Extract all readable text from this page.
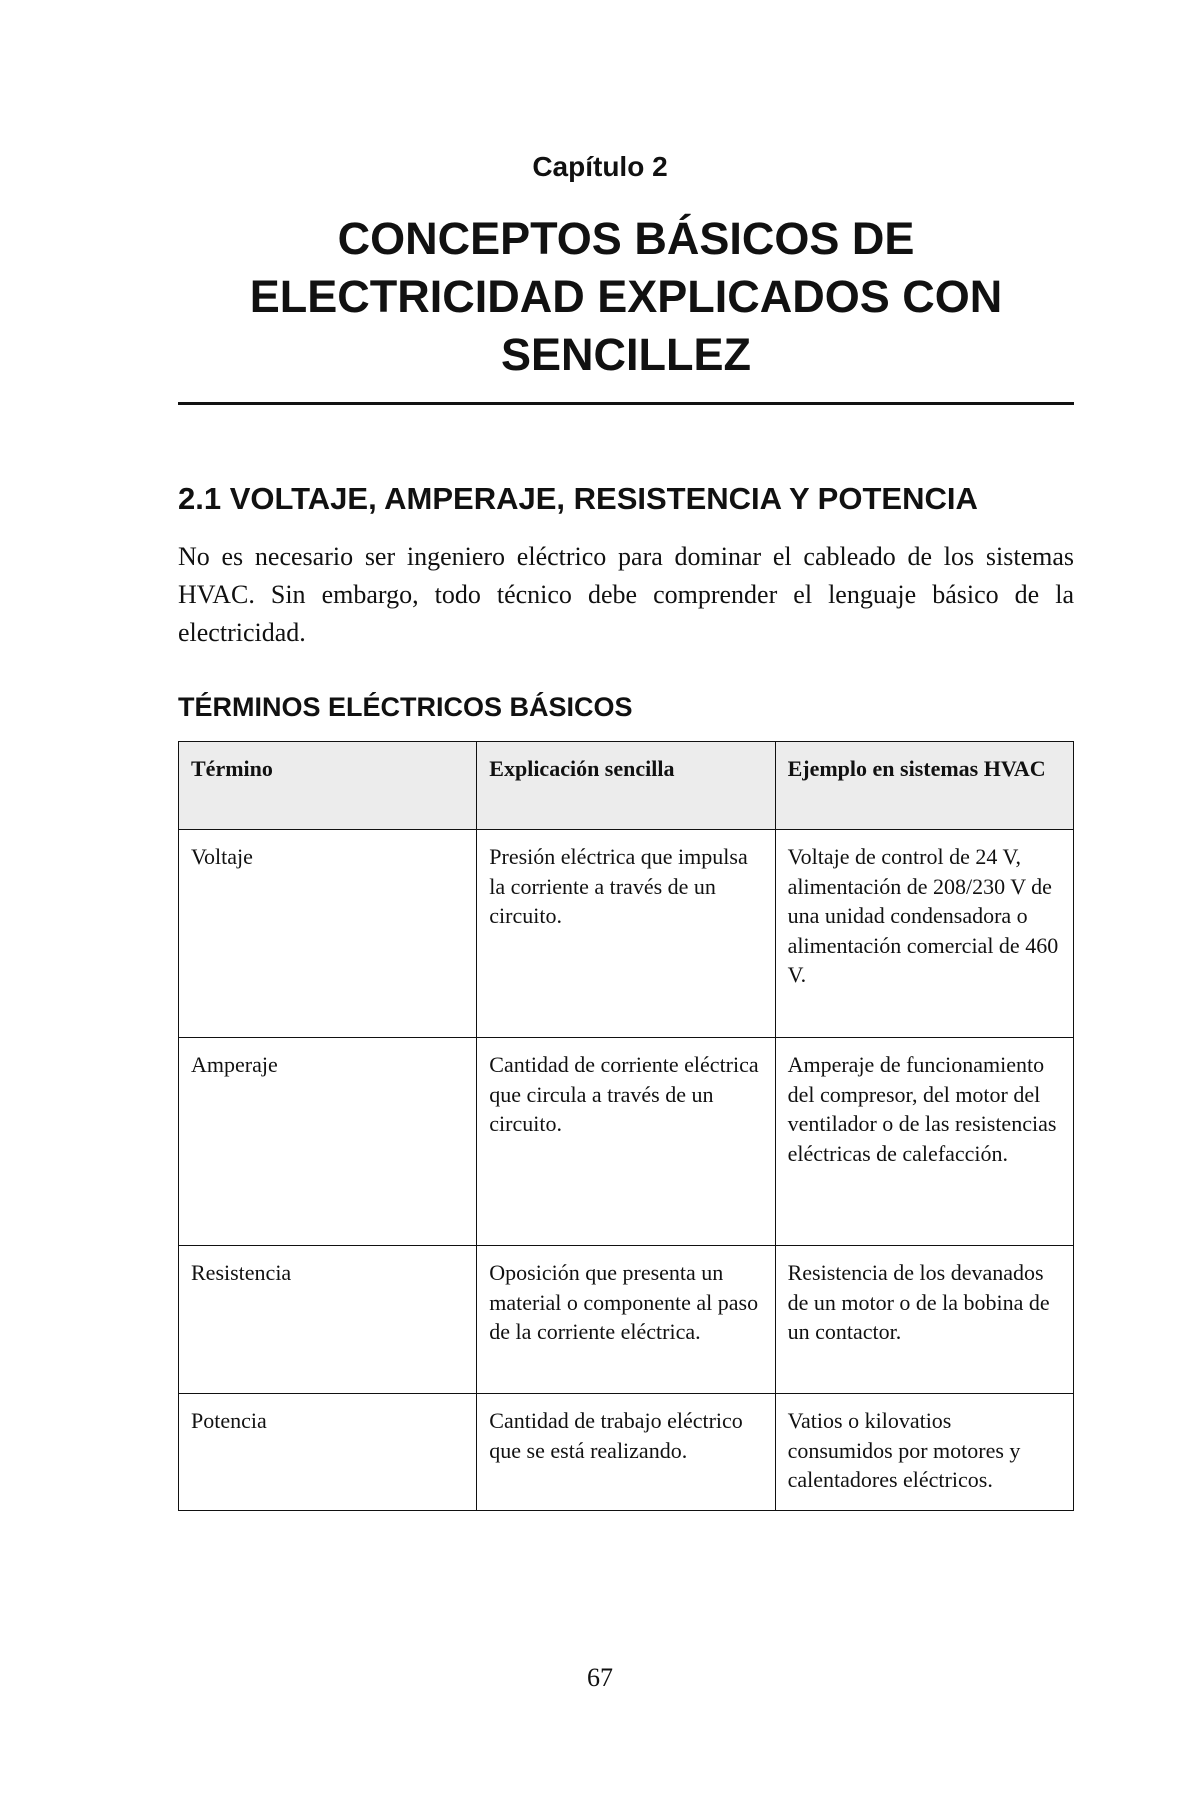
Capítulo 2
CONCEPTOS BÁSICOS DE ELECTRICIDAD EXPLICADOS CON SENCILLEZ
2.1 VOLTAJE, AMPERAJE, RESISTENCIA Y POTENCIA

No es necesario ser ingeniero eléctrico para dominar el cableado de los sistemas HVAC. Sin embargo, todo técnico debe comprender el lenguaje básico de la electricidad.

TÉRMINOS ELÉCTRICOS BÁSICOS
Término	Explicación sencilla	Ejemplo en sistemas HVAC
Voltaje	Presión eléctrica que impulsa la corriente a través de un circuito.	Voltaje de control de 24 V, alimentación de 208/230 V de una unidad condensadora o alimentación comercial de 460 V.
Amperaje	Cantidad de corriente eléctrica que circula a través de un circuito.	Amperaje de funcionamiento del compresor, del motor del ventilador o de las resistencias eléctricas de calefacción.
Resistencia	Oposición que presenta un material o componente al paso de la corriente eléctrica.	Resistencia de los devanados de un motor o de la bobina de un contactor.
Potencia	Cantidad de trabajo eléctrico que se está realizando.	Vatios o kilovatios consumidos por motores y calentadores eléctricos.
67
